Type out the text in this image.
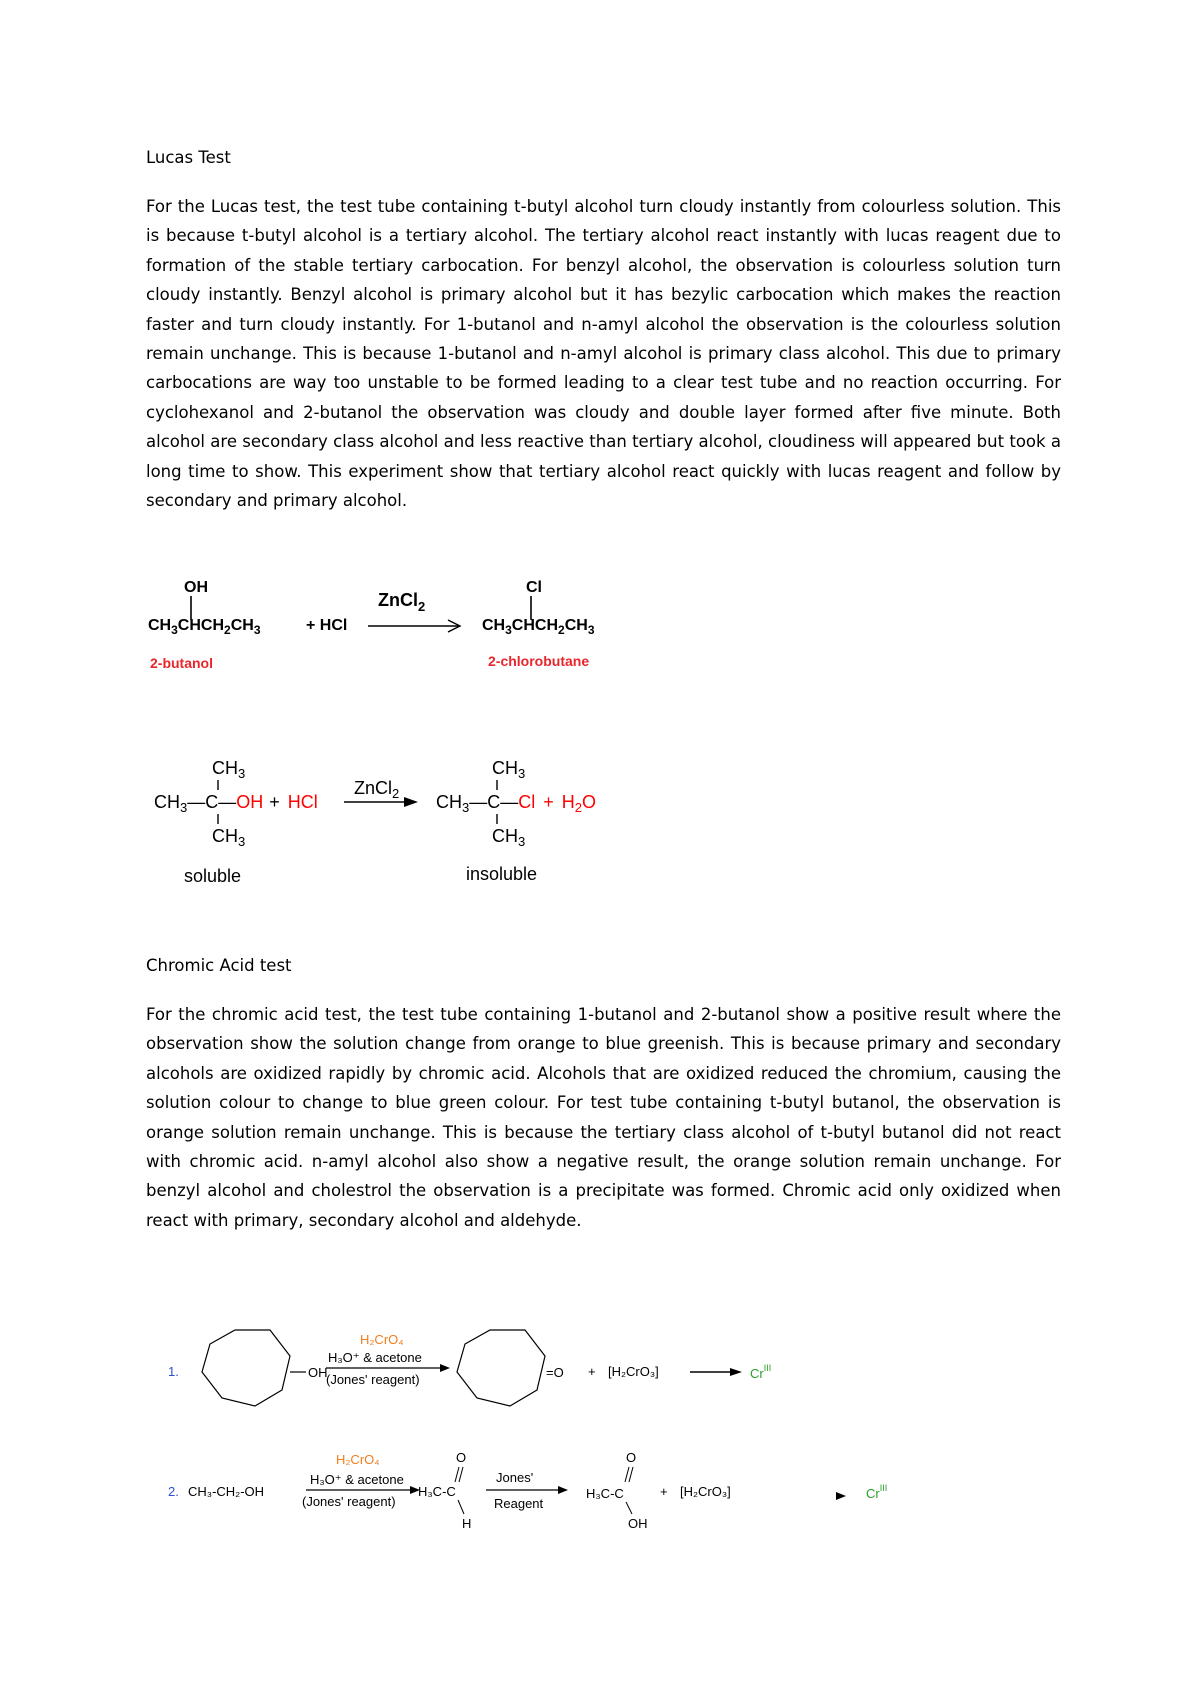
Lucas Test

For the Lucas test, the test tube containing t-butyl alcohol turn cloudy instantly from colourless solution. This is because t-butyl alcohol is a tertiary alcohol. The tertiary alcohol react instantly with lucas reagent due to formation of the stable tertiary carbocation. For benzyl alcohol, the observation is colourless solution turn cloudy instantly. Benzyl alcohol is primary alcohol but it has bezylic carbocation which makes the reaction faster and turn cloudy instantly. For 1-butanol and n-amyl alcohol the observation is the colourless solution remain unchange. This is because 1-butanol and n-amyl alcohol is primary class alcohol. This due to primary carbocations are way too unstable to be formed leading to a clear test tube and no reaction occurring. For cyclohexanol and 2-butanol the observation was cloudy and double layer formed after five minute. Both alcohol are secondary class alcohol and less reactive than tertiary alcohol, cloudiness will appeared but took a long time to show. This experiment show that tertiary alcohol react quickly with lucas reagent and follow by secondary and primary alcohol.

OH
$CH_3CHCH_2CH_3$	+ HCl
ZnCl$_2$
Cl
$CH_3CHCH_2CH_3$
2-butanol	2-chlorobutane
$CH_3$
$CH_3—C—OH$ + HCl
$CH_3$
ZnCl$_2$
$CH_3$
$CH_3—C—Cl + H_2O$
$CH_3$
soluble	insoluble
Chromic Acid test

For the chromic acid test, the test tube containing 1-butanol and 2-butanol show a positive result where the observation show the solution change from orange to blue greenish. This is because primary and secondary alcohols are oxidized rapidly by chromic acid. Alcohols that are oxidized reduced the chromium, causing the solution colour to change to blue green colour. For test tube containing t-butyl butanol, the observation is orange solution remain unchange. This is because the tertiary class alcohol of t-butyl butanol did not react with chromic acid. n-amyl alcohol also show a negative result, the orange solution remain unchange. For benzyl alcohol and cholestrol the observation is a precipitate was formed. Chromic acid only oxidized when react with primary, secondary alcohol and aldehyde.

1.	OH
H₂CrO₄
H₃O⁺ & acetone
(Jones' reagent)	=O + [H₂CrO₃]	$Cr^{III}$
2. CH₃-CH₂-OH
H₂CrO₄
H₃O⁺ & acetone
(Jones' reagent)
O
H₃C-C
H
Jones'
Reagent
O
H₃C-C
OH
+ [H₂CrO₃]	$Cr^{III}$
